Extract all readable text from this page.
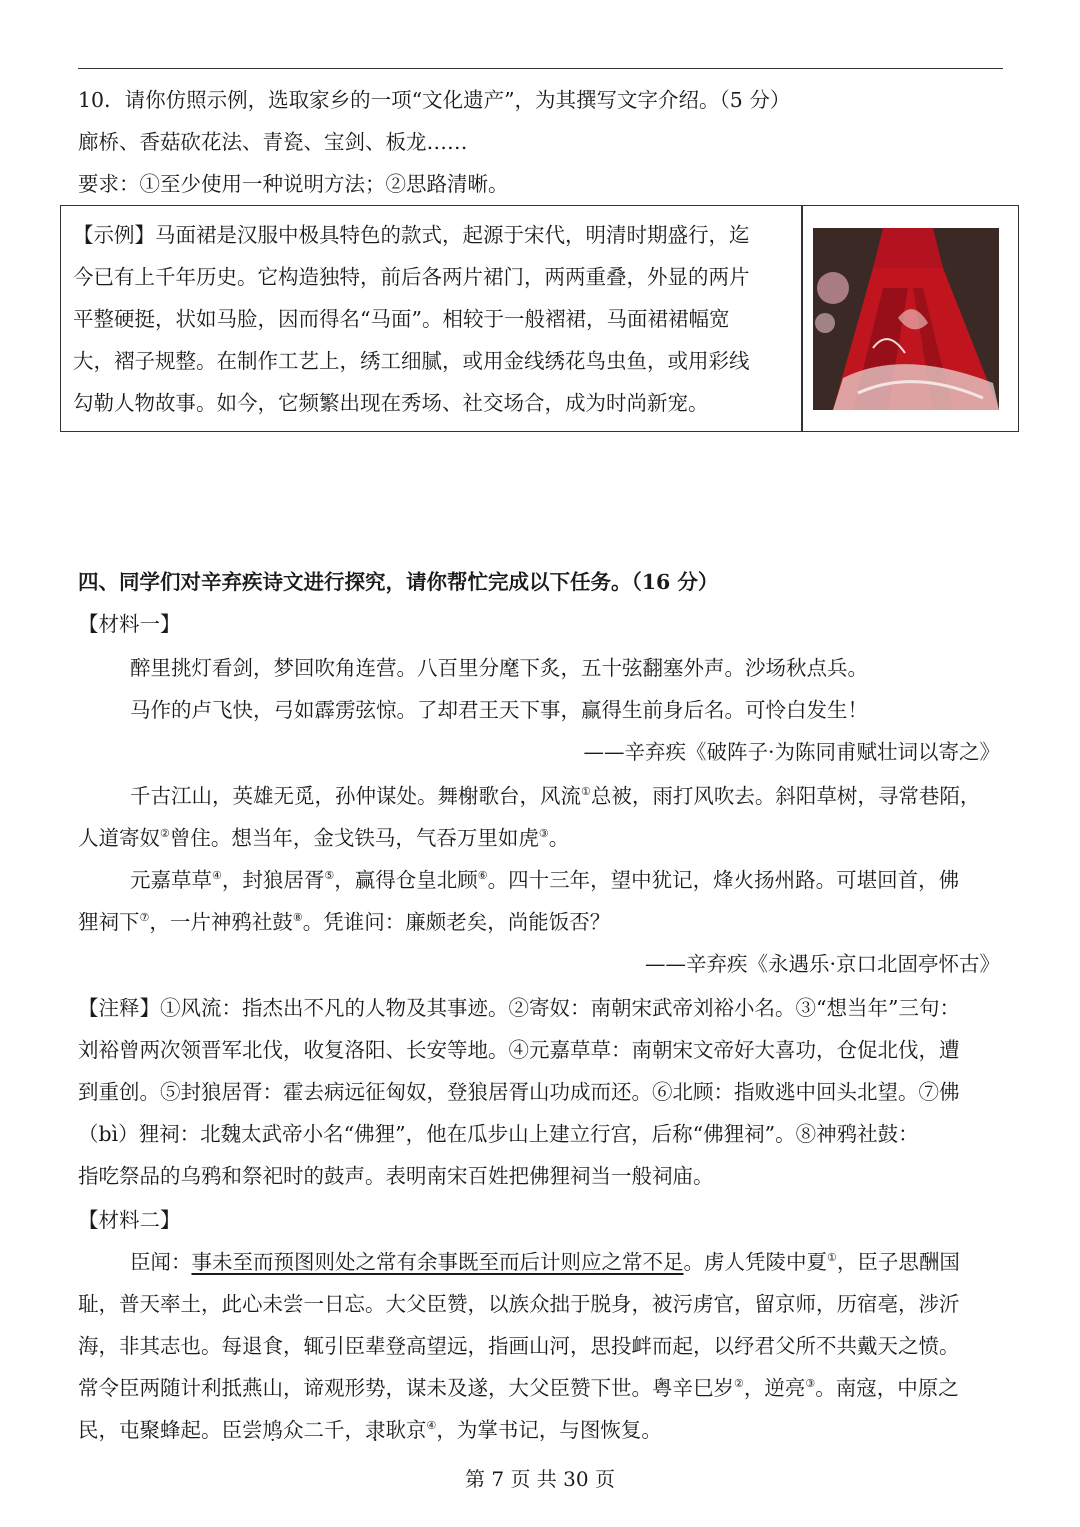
10．请你仿照示例，选取家乡的一项“文化遗产”，为其撰写文字介绍。（5 分）
廊桥、香菇砍花法、青瓷、宝剑、板龙……
要求：①至少使用一种说明方法；②思路清晰。
【示例】马面裙是汉服中极具特色的款式，起源于宋代，明清时期盛行，迄
今已有上千年历史。它构造独特，前后各两片裙门，两两重叠，外显的两片
平整硬挺，状如马脸，因而得名“马面”。相较于一般褶裙，马面裙裙幅宽
大，褶子规整。在制作工艺上，绣工细腻，或用金线绣花鸟虫鱼，或用彩线
勾勒人物故事。如今，它频繁出现在秀场、社交场合，成为时尚新宠。
四、同学们对辛弃疾诗文进行探究，请你帮忙完成以下任务。（16 分）
【材料一】
醉里挑灯看剑，梦回吹角连营。八百里分麾下炙，五十弦翻塞外声。沙场秋点兵。
马作的卢飞快，弓如霹雳弦惊。了却君王天下事，赢得生前身后名。可怜白发生！
——辛弃疾《破阵子·为陈同甫赋壮词以寄之》
千古江山，英雄无觅，孙仲谋处。舞榭歌台，风流①总被，雨打风吹去。斜阳草树，寻常巷陌，
人道寄奴②曾住。想当年，金戈铁马，气吞万里如虎③。
元嘉草草④，封狼居胥⑤，赢得仓皇北顾⑥。四十三年，望中犹记，烽火扬州路。可堪回首，佛
狸祠下⑦，一片神鸦社鼓⑧。凭谁问：廉颇老矣，尚能饭否？
——辛弃疾《永遇乐·京口北固亭怀古》
【注释】①风流：指杰出不凡的人物及其事迹。②寄奴：南朝宋武帝刘裕小名。③“想当年”三句：
刘裕曾两次领晋军北伐，收复洛阳、长安等地。④元嘉草草：南朝宋文帝好大喜功，仓促北伐，遭
到重创。⑤封狼居胥：霍去病远征匈奴，登狼居胥山功成而还。⑥北顾：指败逃中回头北望。⑦佛
（bì）狸祠：北魏太武帝小名“佛狸”，他在瓜步山上建立行宫，后称“佛狸祠”。⑧神鸦社鼓：
指吃祭品的乌鸦和祭祀时的鼓声。表明南宋百姓把佛狸祠当一般祠庙。
【材料二】
臣闻：事未至而预图则处之常有余事既至而后计则应之常不足。虏人凭陵中夏①，臣子思酬国
耻，普天率土，此心未尝一日忘。大父臣赞，以族众拙于脱身，被污虏官，留京师，历宿亳，涉沂
海，非其志也。每退食，辄引臣辈登高望远，指画山河，思投衅而起，以纾君父所不共戴天之愤。
常令臣两随计利抵燕山，谛观形势，谋未及遂，大父臣赞下世。粤辛巳岁②，逆亮③。南寇，中原之
民，屯聚蜂起。臣尝鸠众二千，隶耿京④，为掌书记，与图恢复。
第 7 页 共 30 页
